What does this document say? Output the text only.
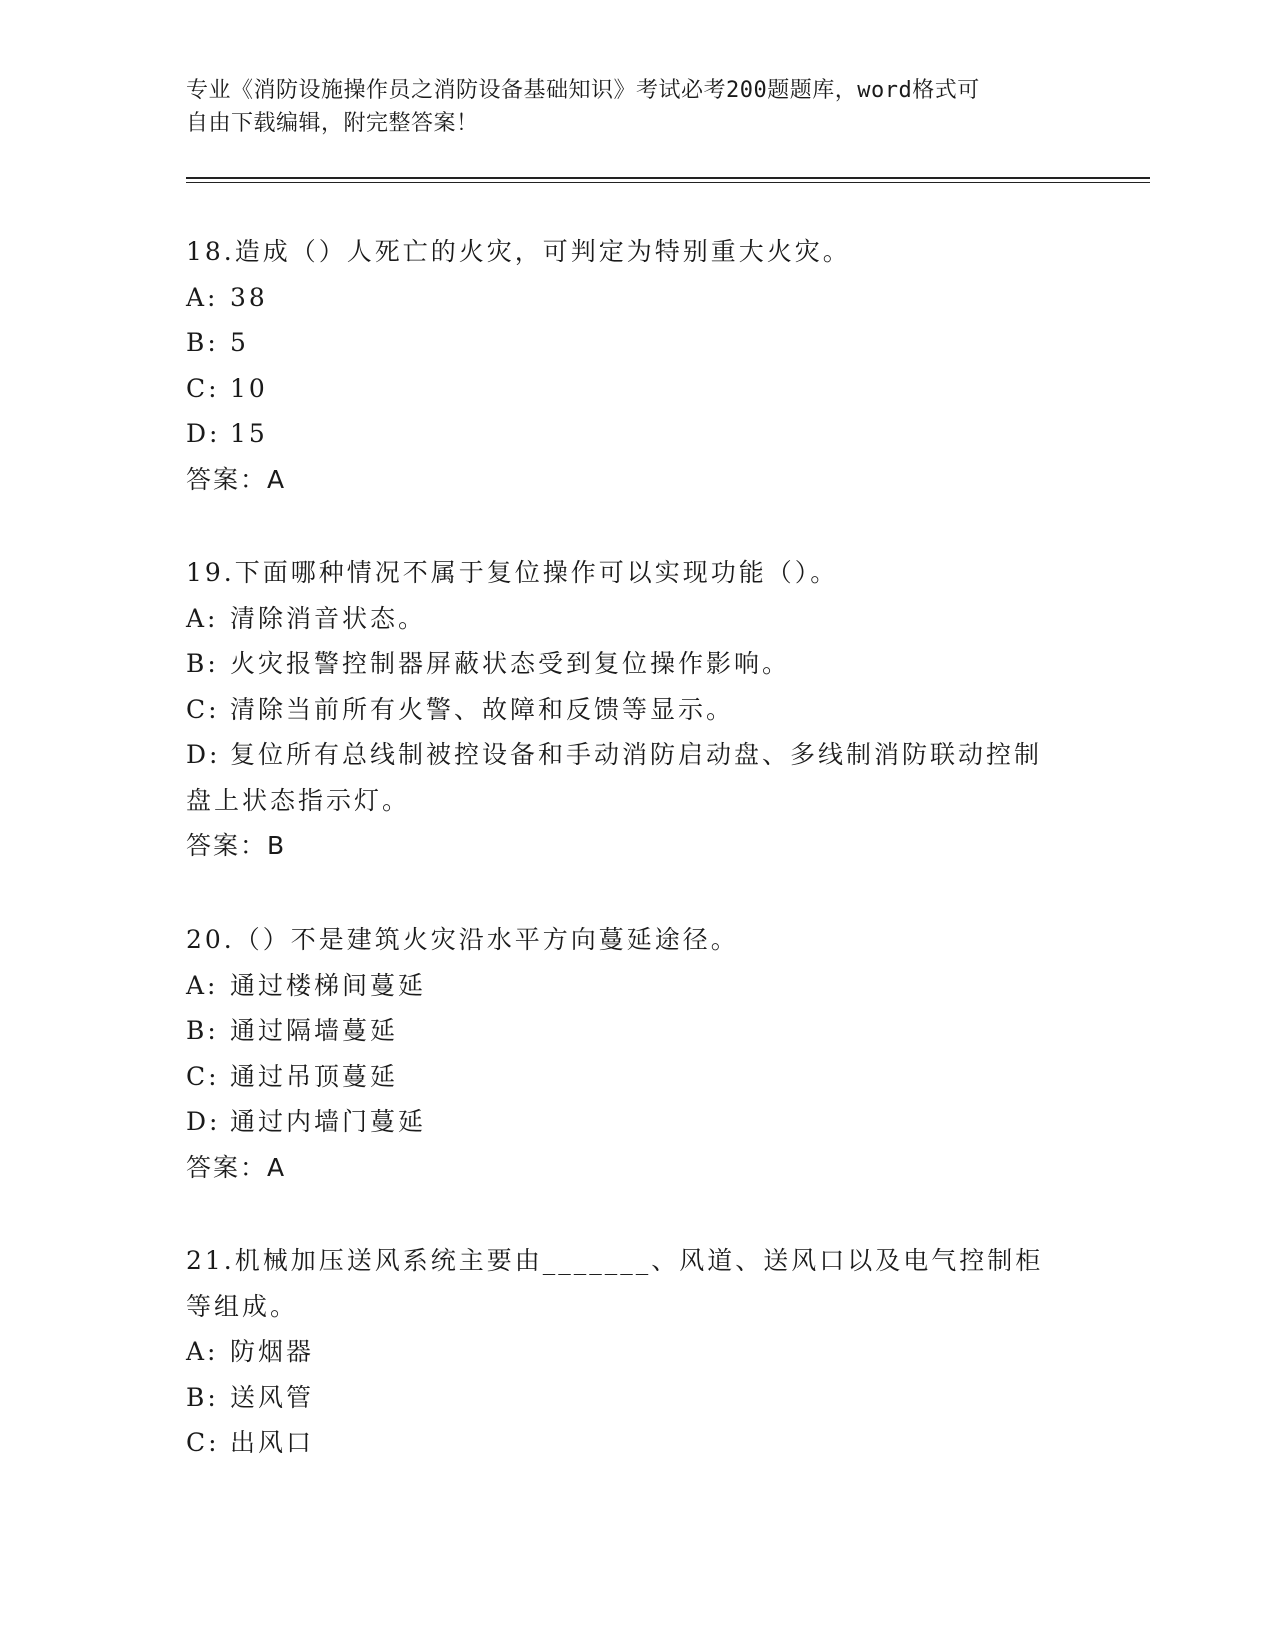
专业《消防设施操作员之消防设备基础知识》考试必考200题题库，word格式可
自由下载编辑，附完整答案！
18.造成（）人死亡的火灾，可判定为特别重大火灾。
A: 38
B: 5
C: 10
D: 15
答案：A
19.下面哪种情况不属于复位操作可以实现功能（）。
A: 清除消音状态。
B: 火灾报警控制器屏蔽状态受到复位操作影响。
C: 清除当前所有火警、故障和反馈等显示。
D: 复位所有总线制被控设备和手动消防启动盘、多线制消防联动控制
盘上状态指示灯。
答案：B
20.（）不是建筑火灾沿水平方向蔓延途径。
A: 通过楼梯间蔓延
B: 通过隔墙蔓延
C: 通过吊顶蔓延
D: 通过内墙门蔓延
答案：A
21.机械加压送风系统主要由_______、风道、送风口以及电气控制柜
等组成。
A: 防烟器
B: 送风管
C: 出风口
